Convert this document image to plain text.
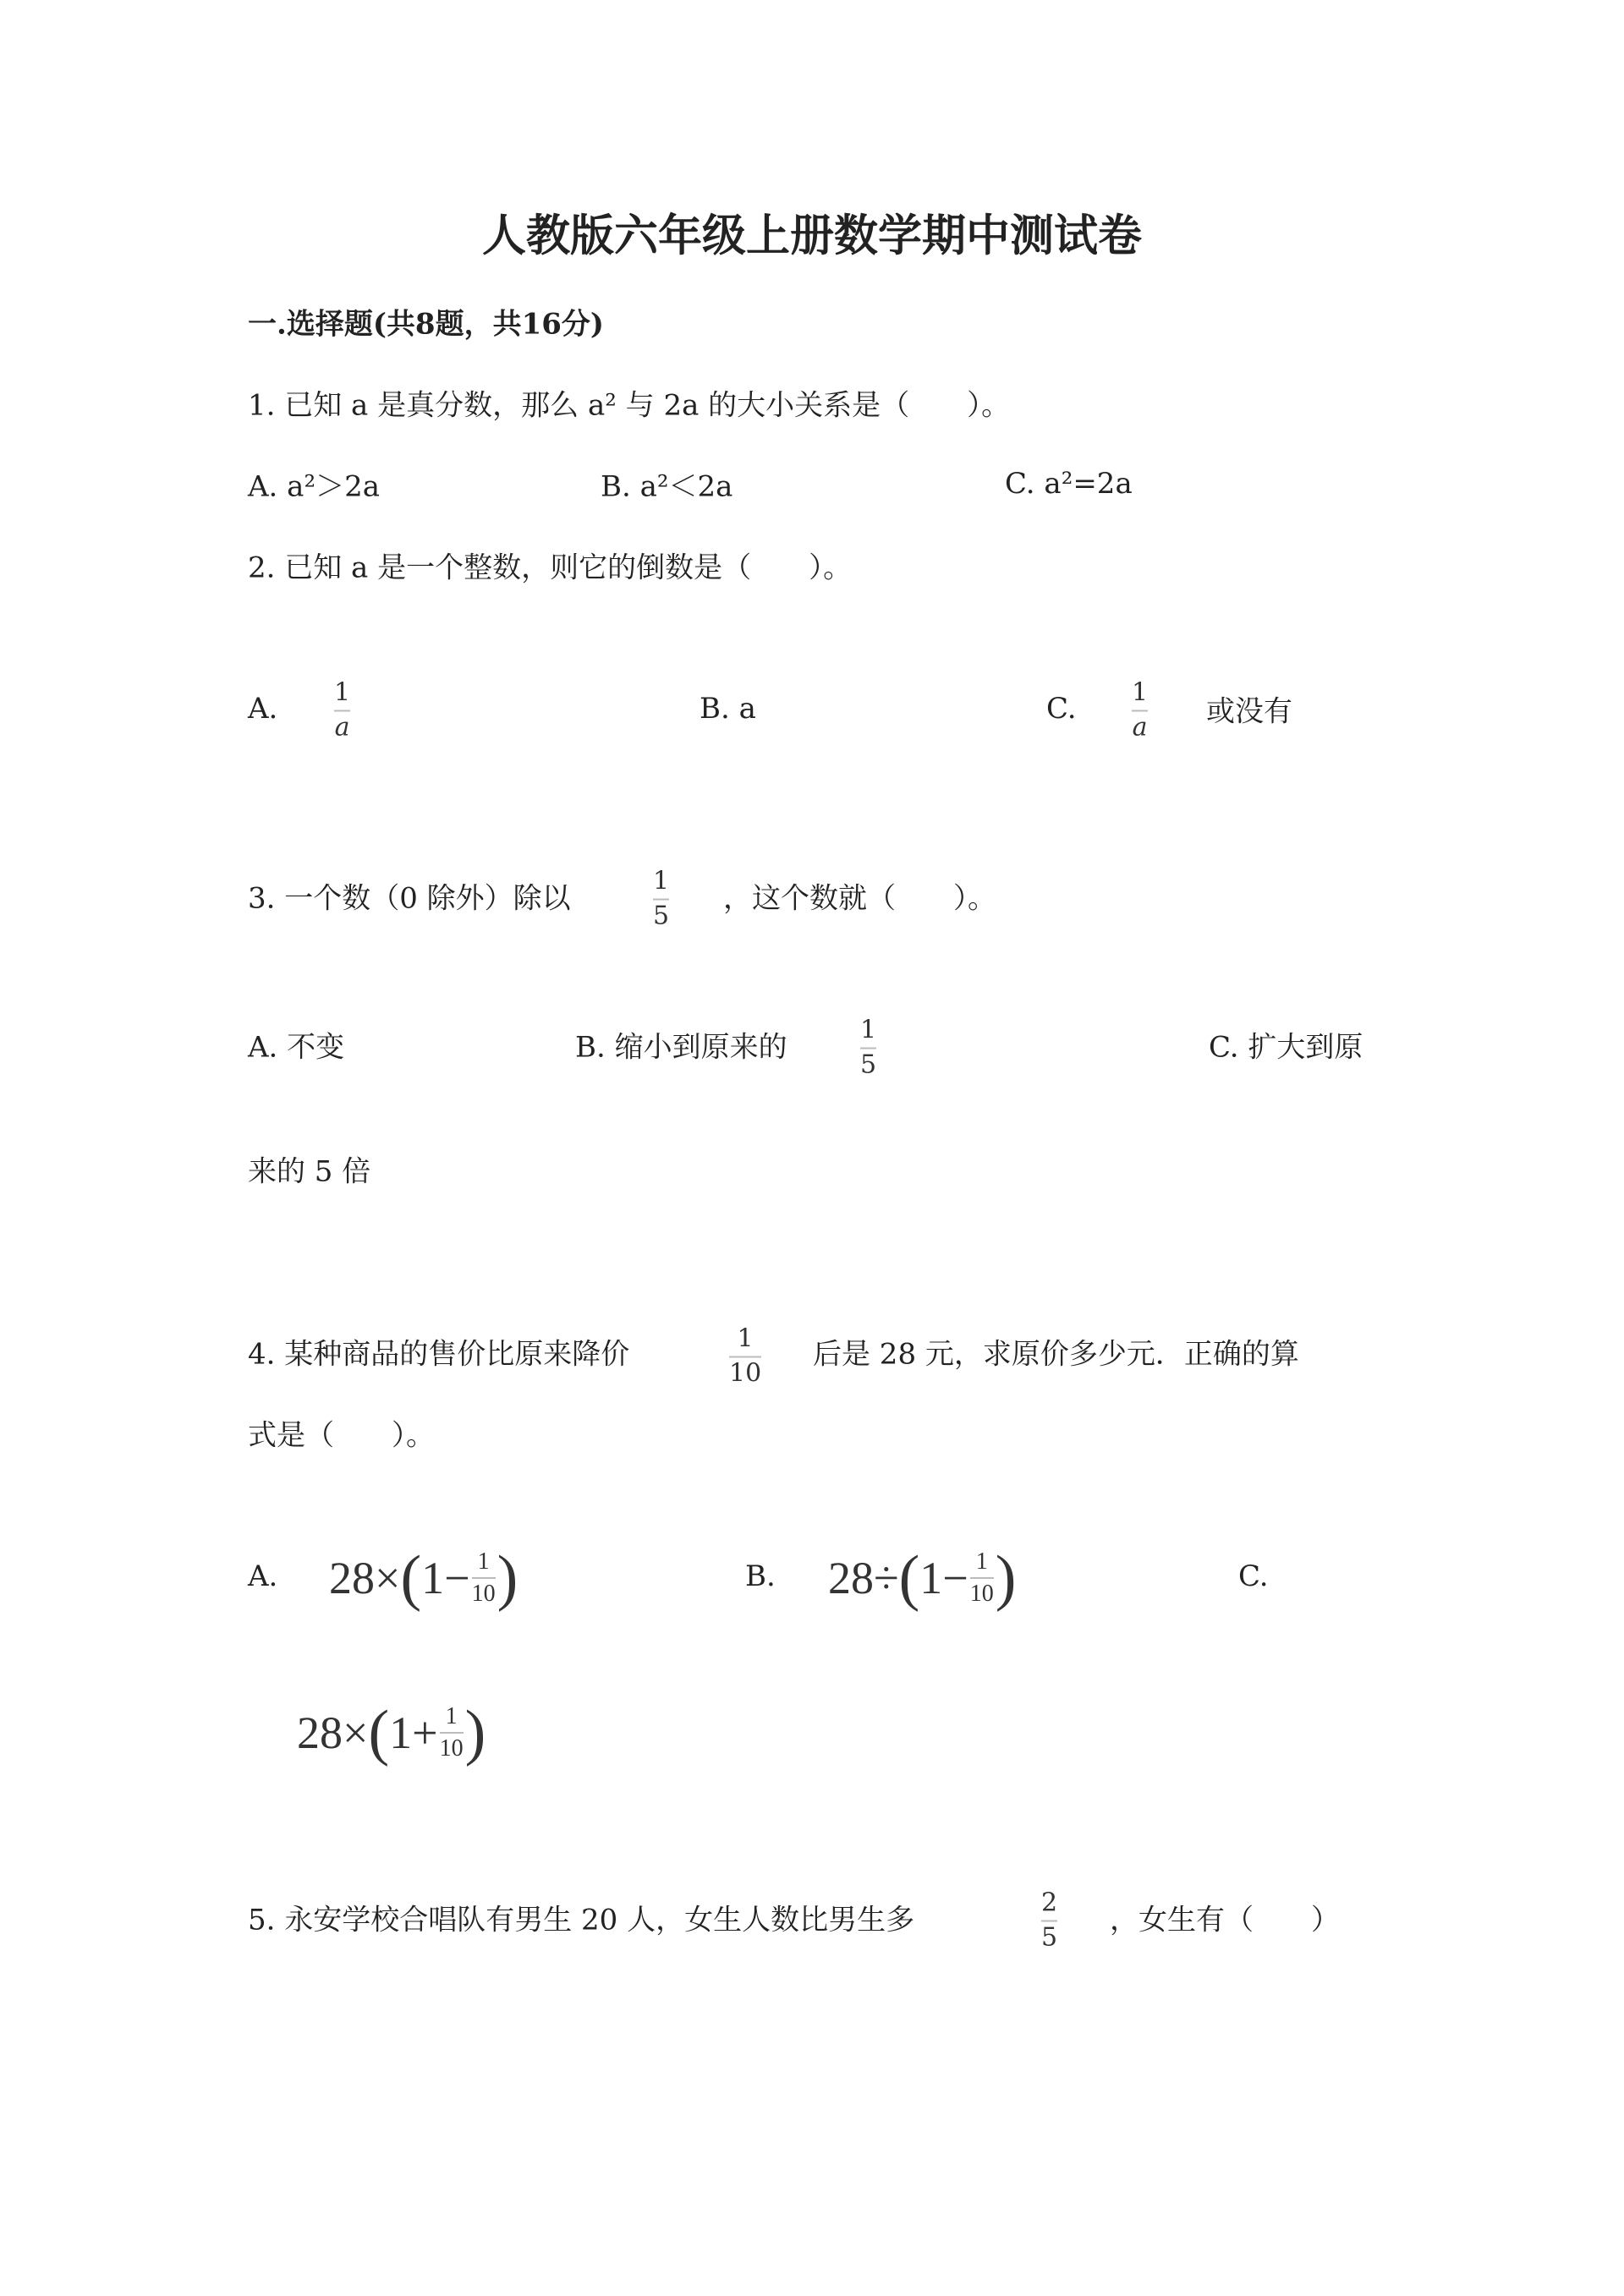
人教版六年级上册数学期中测试卷
一.选择题(共8题，共16分)
1. 已知 a 是真分数，那么 a² 与 2a 的大小关系是（　　）。
A. a²＞2a	B. a²＜2a	C. a²=2a
2. 已知 a 是一个整数，则它的倒数是（　　）。
A. 1
a
B. a	C. 1
a 或没有
3. 一个数（0 除外）除以
1
5 ，这个数就（　　）。
A. 不变	B. 缩小到原来的
1
5	C. 扩大到原
来的 5 倍
4. 某种商品的售价比原来降价	1
10
后是 28 元，求原价多少元．正确的算
式是（　　）。
A. 28× ( $1- \frac{1}{10}$ )	B. 28÷ ( $1- \frac{1}{10}$ )	C.
28× ( $1+ \frac{1}{10}$ )
5. 永安学校合唱队有男生 20 人，女生人数比男生多
2
5 ，女生有（　　）
